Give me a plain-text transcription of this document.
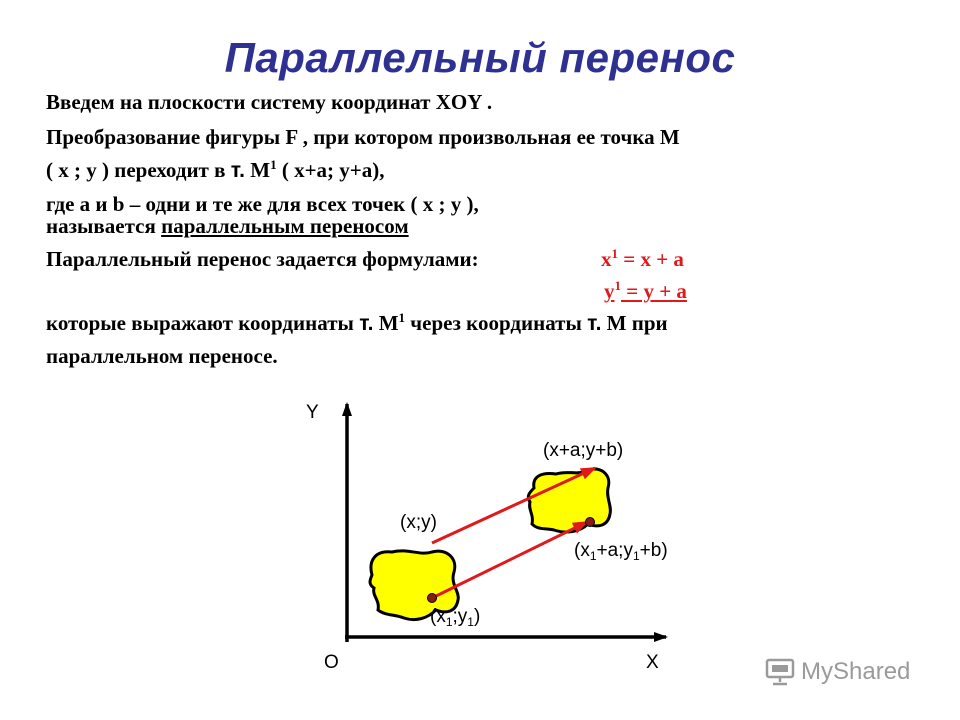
Параллельный перенос
Введем на плоскости систему координат XOY .
Преобразование фигуры F , при котором произвольная ее точка M
( x ; y ) переходит в т. $M^1$ ( x+a; y+a),
где a и b – одни и те же для всех точек ( x ; y ),
называется параллельным переносом
Параллельный перенос задается формулами:	$x^1 = x + a$
$y^1 = y + a$
которые выражают координаты т. $M^1$ через координаты т. M при
параллельном переносе.
Y
X
O
(x+a;y+b)
(x;y)
$(x_1+a;y_1+b)$
$(x_1;y_1)$
MyShared
